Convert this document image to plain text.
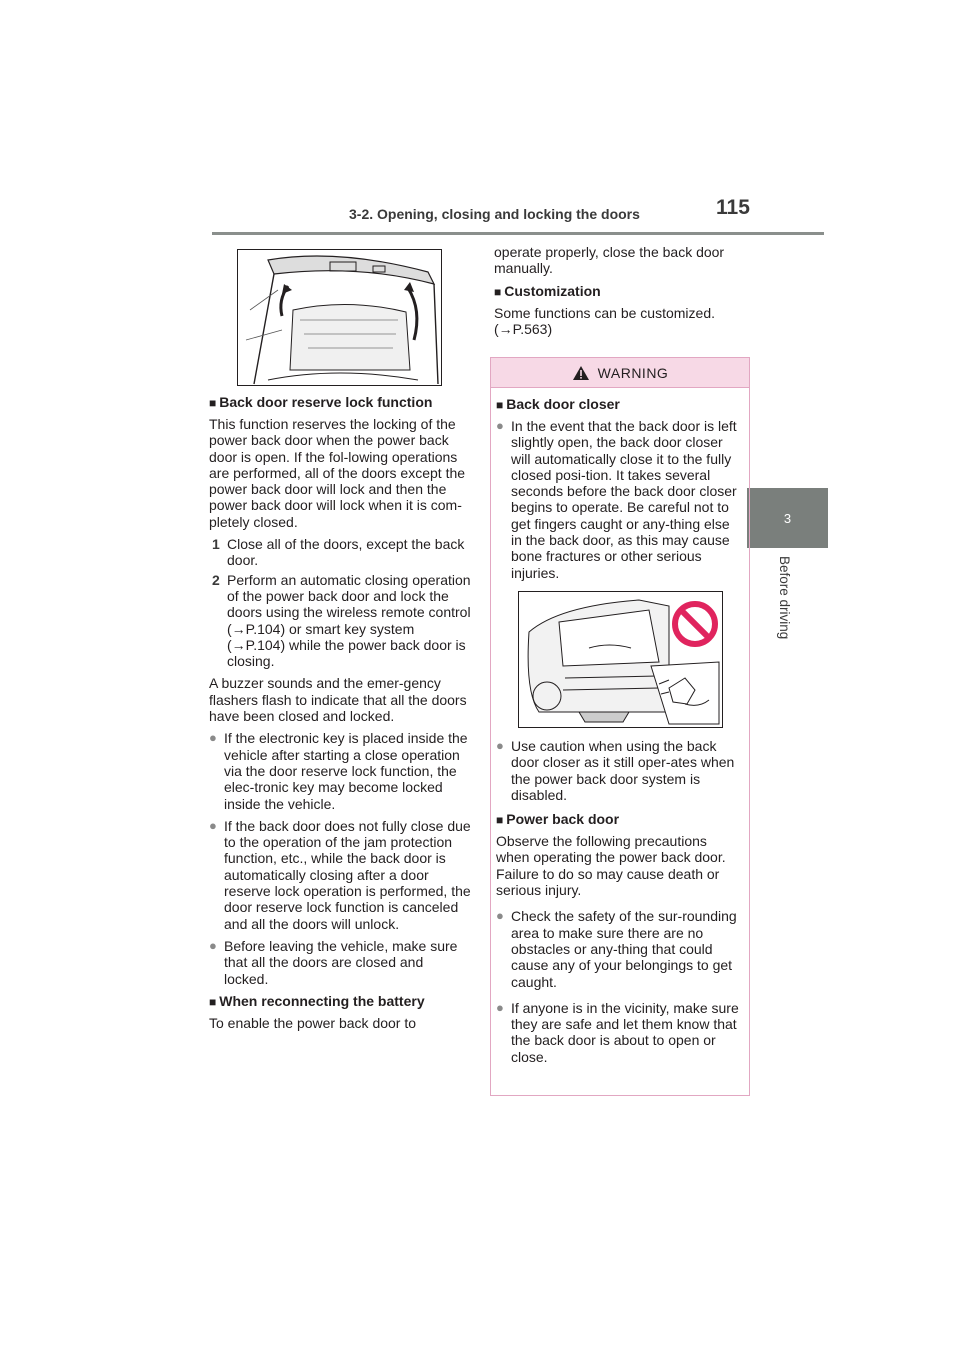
3-2. Opening, closing and locking the doors	115
3
Before driving
■ Back door reserve lock function

This function reserves the locking of the power back door when the power back door is open. If the fol-lowing operations are performed, all of the doors except the power back door will lock and then the power back door will lock when it is com-pletely closed.

1 Close all of the doors, except the back door.
2 Perform an automatic closing operation of the power back door and lock the doors using the wireless remote control (→P.104) or smart key system (→P.104) while the power back door is closing.

A buzzer sounds and the emer-gency flashers flash to indicate that all the doors have been closed and locked.

● If the electronic key is placed inside the vehicle after starting a close operation via the door reserve lock function, the elec-tronic key may become locked inside the vehicle.
● If the back door does not fully close due to the operation of the jam protection function, etc., while the back door is automatically closing after a door reserve lock operation is performed, the door reserve lock function is canceled and all the doors will unlock.
● Before leaving the vehicle, make sure that all the doors are closed and locked.
■ When reconnecting the battery

To enable the power back door to

operate properly, close the back door manually.

■ Customization

Some functions can be customized. (→P.563)

WARNING
■ Back door closer
● In the event that the back door is left slightly open, the back door closer will automatically close it to the fully closed posi-tion. It takes several seconds before the back door closer begins to operate. Be careful not to get fingers caught or any-thing else in the back door, as this may cause bone fractures or other serious injuries.
● Use caution when using the back door closer as it still oper-ates when the power back door system is disabled.
■ Power back door

Observe the following precautions when operating the power back door. Failure to do so may cause death or serious injury.

● Check the safety of the sur-rounding area to make sure there are no obstacles or any-thing that could cause any of your belongings to get caught.
● If anyone is in the vicinity, make sure they are safe and let them know that the back door is about to open or close.
